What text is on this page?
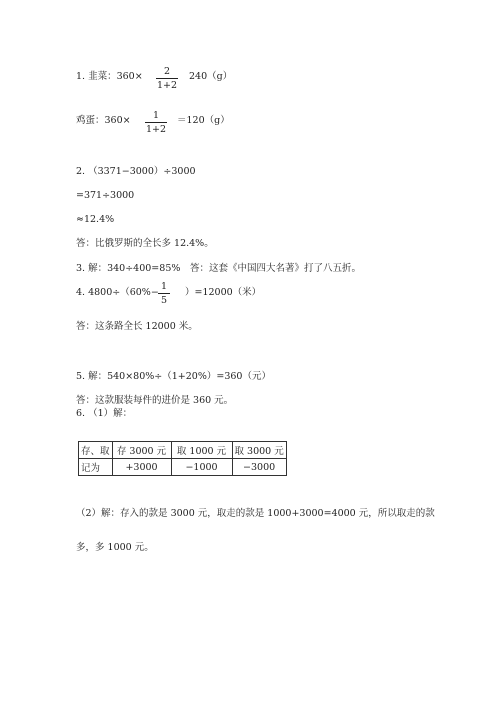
1. 韭菜：360×	2
1+2
240（g）
鸡蛋：360×	1
1+2
＝120（g）
2. （3371−3000）÷3000
=371÷3000
≈12.4%
答：比俄罗斯的全长多 12.4%。
3. 解：340÷400=85% 答：这套《中国四大名著》打了八五折。
4. 4800÷（60%−
1
5
）=12000（米）
答：这条路全长 12000 米。
5. 解：540×80%÷（1+20%）=360（元）
答：这款服装每件的进价是 360 元。
6. （1）解：
存、取	存 3000 元	取 1000 元	取 3000 元
记为	+3000	−1000	−3000
（2）解：存入的款是 3000 元，取走的款是 1000+3000=4000 元，所以取走的款
多，多 1000 元。
